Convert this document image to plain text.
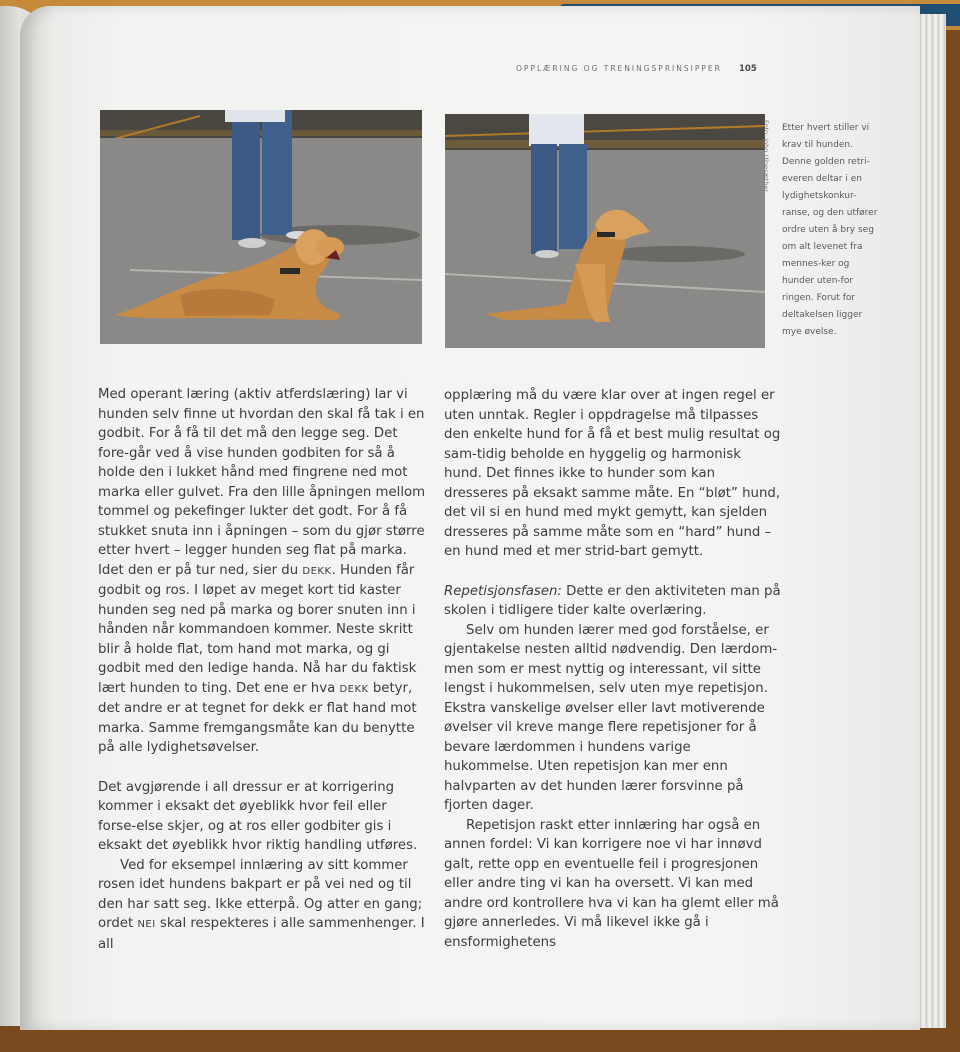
OPPLÆRING OG TRENINGSPRINSIPPER 105
Foto: John Ulnesæther Etter hvert stiller vi krav til hunden. Denne golden retri-everen deltar i en lydighetskonkur-ranse, og den utfører ordre uten å bry seg om alt levenet fra mennes-ker og hunder uten-for ringen. Forut for deltakelsen ligger mye øvelse.

Med operant læring (aktiv atferdslæring) lar vi hunden selv finne ut hvordan den skal få tak i en godbit. For å få til det må den legge seg. Det fore-går ved å vise hunden godbiten for så å holde den i lukket hånd med fingrene ned mot marka eller gulvet. Fra den lille åpningen mellom tommel og pekefinger lukter det godt. For å få stukket snuta inn i åpningen – som du gjør større etter hvert – legger hunden seg flat på marka. Idet den er på tur ned, sier du DEKK. Hunden får godbit og ros. I løpet av meget kort tid kaster hunden seg ned på marka og borer snuten inn i hånden når kommandoen kommer. Neste skritt blir å holde flat, tom hand mot marka, og gi godbit med den ledige handa. Nå har du faktisk lært hunden to ting. Det ene er hva DEKK betyr, det andre er at tegnet for dekk er flat hand mot marka. Samme fremgangsmåte kan du benytte på alle lydighetsøvelser.

Det avgjørende i all dressur er at korrigering kommer i eksakt det øyeblikk hvor feil eller forse-else skjer, og at ros eller godbiter gis i eksakt det øyeblikk hvor riktig handling utføres.

Ved for eksempel innlæring av sitt kommer rosen idet hundens bakpart er på vei ned og til den har satt seg. Ikke etterpå. Og atter en gang; ordet NEI skal respekteres i alle sammenhenger. I all

opplæring må du være klar over at ingen regel er uten unntak. Regler i oppdragelse må tilpasses den enkelte hund for å få et best mulig resultat og sam-tidig beholde en hyggelig og harmonisk hund. Det finnes ikke to hunder som kan dresseres på eksakt samme måte. En “bløt” hund, det vil si en hund med mykt gemytt, kan sjelden dresseres på samme måte som en “hard” hund – en hund med et mer strid-bart gemytt.

Repetisjonsfasen: Dette er den aktiviteten man på skolen i tidligere tider kalte overlæring.

Selv om hunden lærer med god forståelse, er gjentakelse nesten alltid nødvendig. Den lærdom-men som er mest nyttig og interessant, vil sitte lengst i hukommelsen, selv uten mye repetisjon. Ekstra vanskelige øvelser eller lavt motiverende øvelser vil kreve mange flere repetisjoner for å bevare lærdommen i hundens varige hukommelse. Uten repetisjon kan mer enn halvparten av det hunden lærer forsvinne på fjorten dager.

Repetisjon raskt etter innlæring har også en annen fordel: Vi kan korrigere noe vi har innøvd galt, rette opp en eventuelle feil i progresjonen eller andre ting vi kan ha oversett. Vi kan med andre ord kontrollere hva vi kan ha glemt eller må gjøre annerledes. Vi må likevel ikke gå i ensformighetens
